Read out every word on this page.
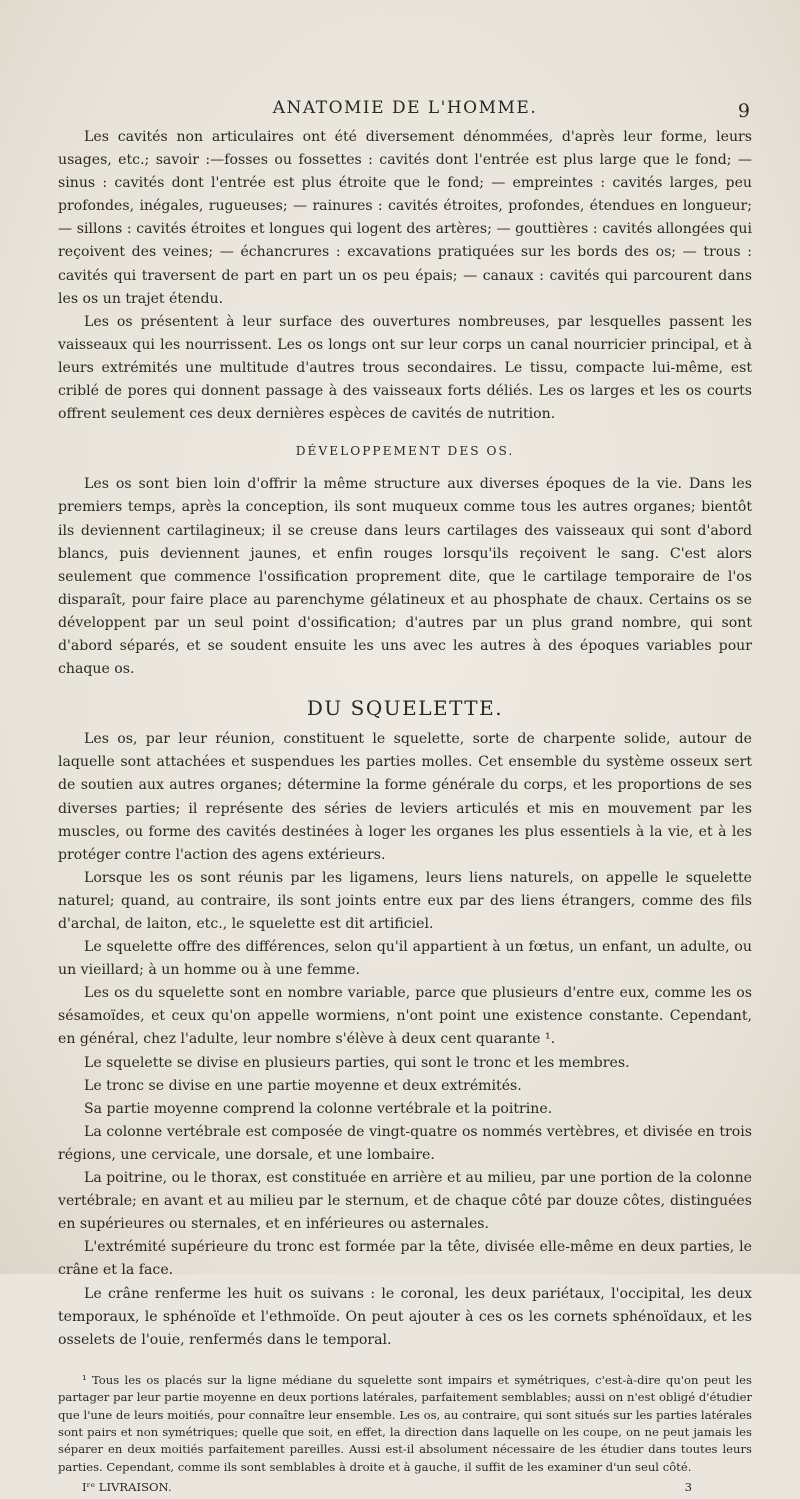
ANATOMIE DE L'HOMME.	9

Les cavités non articulaires ont été diversement dénommées, d'après leur forme, leurs usages, etc.; savoir :—fosses ou fossettes : cavités dont l'entrée est plus large que le fond; — sinus : cavités dont l'entrée est plus étroite que le fond; — empreintes : cavités larges, peu profondes, inégales, rugueuses; — rainures : cavités étroites, profondes, étendues en longueur; — sillons : cavités étroites et longues qui logent des artères; — gouttières : cavités allongées qui reçoivent des veines; — échancrures : excavations pratiquées sur les bords des os; — trous : cavités qui traversent de part en part un os peu épais; — canaux : cavités qui parcourent dans les os un trajet étendu.

Les os présentent à leur surface des ouvertures nombreuses, par lesquelles passent les vaisseaux qui les nourrissent. Les os longs ont sur leur corps un canal nourricier principal, et à leurs extrémités une multitude d'autres trous secondaires. Le tissu, compacte lui-même, est criblé de pores qui donnent passage à des vaisseaux forts déliés. Les os larges et les os courts offrent seulement ces deux dernières espèces de cavités de nutrition.

DÉVELOPPEMENT DES OS.

Les os sont bien loin d'offrir la même structure aux diverses époques de la vie. Dans les premiers temps, après la conception, ils sont muqueux comme tous les autres organes; bientôt ils deviennent cartilagineux; il se creuse dans leurs cartilages des vaisseaux qui sont d'abord blancs, puis deviennent jaunes, et enfin rouges lorsqu'ils reçoivent le sang. C'est alors seulement que commence l'ossification proprement dite, que le cartilage temporaire de l'os disparaît, pour faire place au parenchyme gélatineux et au phosphate de chaux. Certains os se développent par un seul point d'ossification; d'autres par un plus grand nombre, qui sont d'abord séparés, et se soudent ensuite les uns avec les autres à des époques variables pour chaque os.

DU SQUELETTE.

Les os, par leur réunion, constituent le squelette, sorte de charpente solide, autour de laquelle sont attachées et suspendues les parties molles. Cet ensemble du système osseux sert de soutien aux autres organes; détermine la forme générale du corps, et les proportions de ses diverses parties; il représente des séries de leviers articulés et mis en mouvement par les muscles, ou forme des cavités destinées à loger les organes les plus essentiels à la vie, et à les protéger contre l'action des agens extérieurs.

Lorsque les os sont réunis par les ligamens, leurs liens naturels, on appelle le squelette naturel; quand, au contraire, ils sont joints entre eux par des liens étrangers, comme des fils d'archal, de laiton, etc., le squelette est dit artificiel.

Le squelette offre des différences, selon qu'il appartient à un fœtus, un enfant, un adulte, ou un vieillard; à un homme ou à une femme.

Les os du squelette sont en nombre variable, parce que plusieurs d'entre eux, comme les os sésamoïdes, et ceux qu'on appelle wormiens, n'ont point une existence constante. Cependant, en général, chez l'adulte, leur nombre s'élève à deux cent quarante ¹.

Le squelette se divise en plusieurs parties, qui sont le tronc et les membres.

Le tronc se divise en une partie moyenne et deux extrémités.

Sa partie moyenne comprend la colonne vertébrale et la poitrine.

La colonne vertébrale est composée de vingt-quatre os nommés vertèbres, et divisée en trois régions, une cervicale, une dorsale, et une lombaire.

La poitrine, ou le thorax, est constituée en arrière et au milieu, par une portion de la colonne vertébrale; en avant et au milieu par le sternum, et de chaque côté par douze côtes, distinguées en supérieures ou sternales, et en inférieures ou asternales.

L'extrémité supérieure du tronc est formée par la tête, divisée elle-même en deux parties, le crâne et la face.

Le crâne renferme les huit os suivans : le coronal, les deux pariétaux, l'occipital, les deux temporaux, le sphénoïde et l'ethmoïde. On peut ajouter à ces os les cornets sphénoïdaux, et les osselets de l'ouie, renfermés dans le temporal.

¹ Tous les os placés sur la ligne médiane du squelette sont impairs et symétriques, c'est-à-dire qu'on peut les partager par leur partie moyenne en deux portions latérales, parfaitement semblables; aussi on n'est obligé d'étudier que l'une de leurs moitiés, pour connaître leur ensemble. Les os, au contraire, qui sont situés sur les parties latérales sont pairs et non symétriques; quelle que soit, en effet, la direction dans laquelle on les coupe, on ne peut jamais les séparer en deux moitiés parfaitement pareilles. Aussi est-il absolument nécessaire de les étudier dans toutes leurs parties. Cependant, comme ils sont semblables à droite et à gauche, il suffit de les examiner d'un seul côté.

Iʳᵉ LIVRAISON.	3
